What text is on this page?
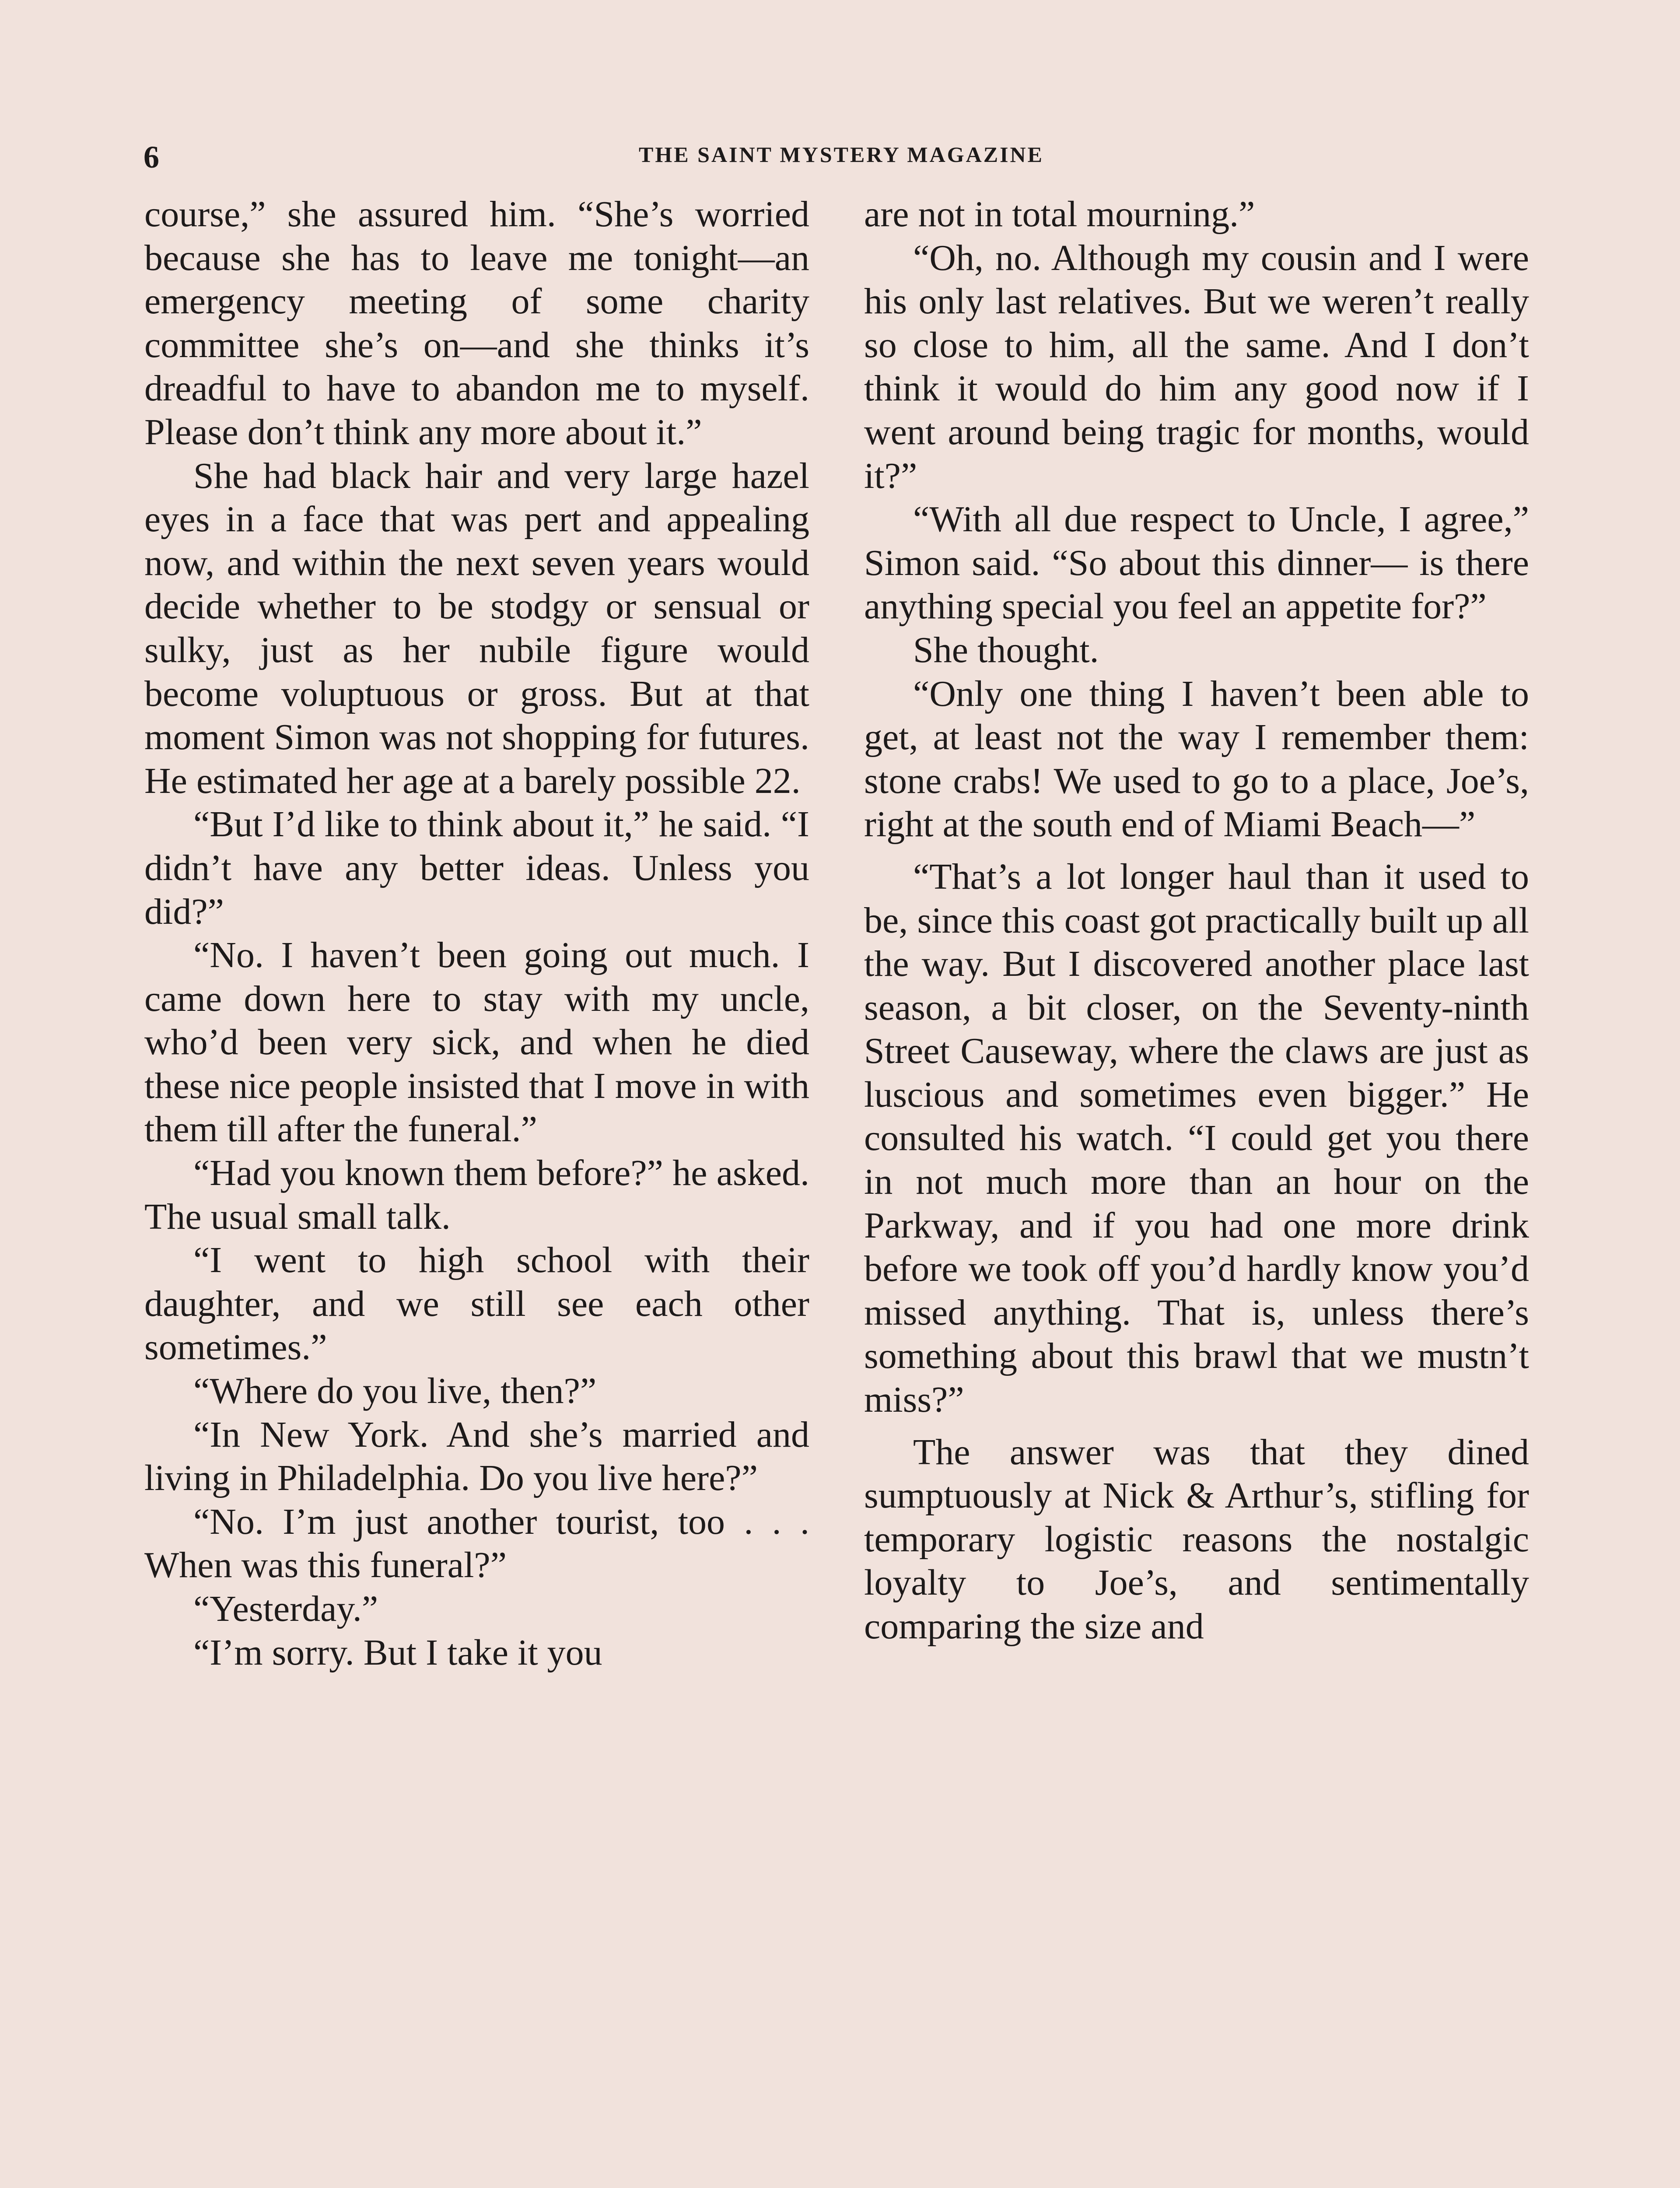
6	THE SAINT MYSTERY MAGAZINE

course,” she assured him. “She’s worried because she has to leave me tonight—an emergency meeting of some charity committee she’s on—and she thinks it’s dreadful to have to abandon me to myself. Please don’t think any more about it.”

She had black hair and very large hazel eyes in a face that was pert and appealing now, and within the next seven years would decide whether to be stodgy or sensual or sulky, just as her nubile figure would become voluptuous or gross. But at that moment Simon was not shopping for futures. He estimated her age at a barely possible 22.

“But I’d like to think about it,” he said. “I didn’t have any better ideas. Unless you did?”

“No. I haven’t been going out much. I came down here to stay with my uncle, who’d been very sick, and when he died these nice people insisted that I move in with them till after the funeral.”

“Had you known them before?” he asked. The usual small talk.

“I went to high school with their daughter, and we still see each other sometimes.”

“Where do you live, then?”

“In New York. And she’s married and living in Philadelphia. Do you live here?”

“No. I’m just another tourist, too . . . When was this funeral?”

“Yesterday.”

“I’m sorry. But I take it you

are not in total mourning.”

“Oh, no. Although my cousin and I were his only last relatives. But we weren’t really so close to him, all the same. And I don’t think it would do him any good now if I went around being tragic for months, would it?”

“With all due respect to Uncle, I agree,” Simon said. “So about this dinner— is there anything special you feel an appetite for?”

She thought.

“Only one thing I haven’t been able to get, at least not the way I remember them: stone crabs! We used to go to a place, Joe’s, right at the south end of Miami Beach—”

“That’s a lot longer haul than it used to be, since this coast got practically built up all the way. But I discovered another place last season, a bit closer, on the Seventy-ninth Street Causeway, where the claws are just as luscious and sometimes even bigger.” He consulted his watch. “I could get you there in not much more than an hour on the Parkway, and if you had one more drink before we took off you’d hardly know you’d missed anything. That is, unless there’s something about this brawl that we mustn’t miss?”

The answer was that they dined sumptuously at Nick & Arthur’s, stifling for temporary logistic reasons the nostalgic loyalty to Joe’s, and sentimentally comparing the size and
